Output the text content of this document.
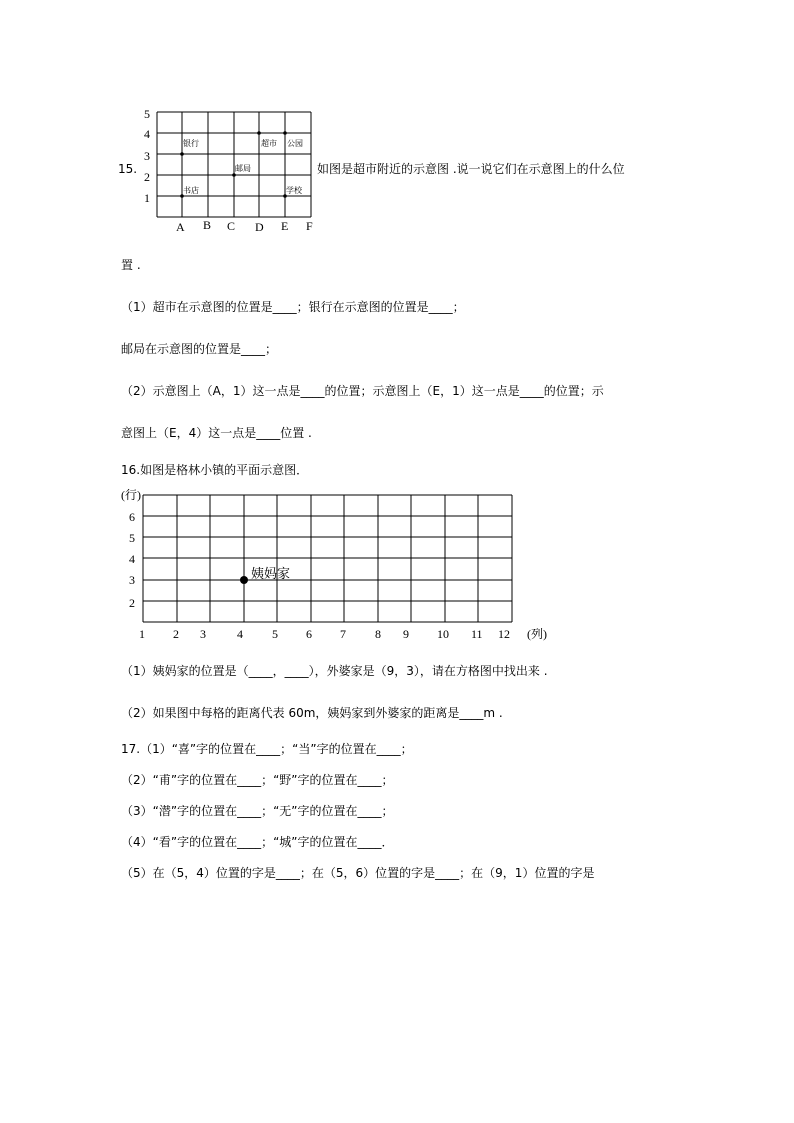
15.
5
4
3
2
1
A B C D E F
银行	超市 公园
邮局
书店	学校
如图是超市附近的示意图 .说一说它们在示意图上的什么位
置 .
（1）超市在示意图的位置是____；银行在示意图的位置是____；
邮局在示意图的位置是____；
（2）示意图上（A，1）这一点是____的位置；示意图上（E，1）这一点是____的位置；示
意图上（E，4）这一点是____位置 .
16.如图是格林小镇的平面示意图．
(行)
6
5
4
3
2
1 2 3	4 5 6 7 8 9 10 11 12 (列)
姨妈家
（1）姨妈家的位置是（____，____），外婆家是（9，3），请在方格图中找出来 .
（2）如果图中每格的距离代表 60m，姨妈家到外婆家的距离是____m .
17.（1）“喜”字的位置在____；“当”字的位置在____；
（2）“甫”字的位置在____；“野”字的位置在____；
（3）“潜”字的位置在____；“无”字的位置在____；
（4）“看”字的位置在____；“城”字的位置在____．
（5）在（5，4）位置的字是____；在（5，6）位置的字是____；在（9，1）位置的字是
